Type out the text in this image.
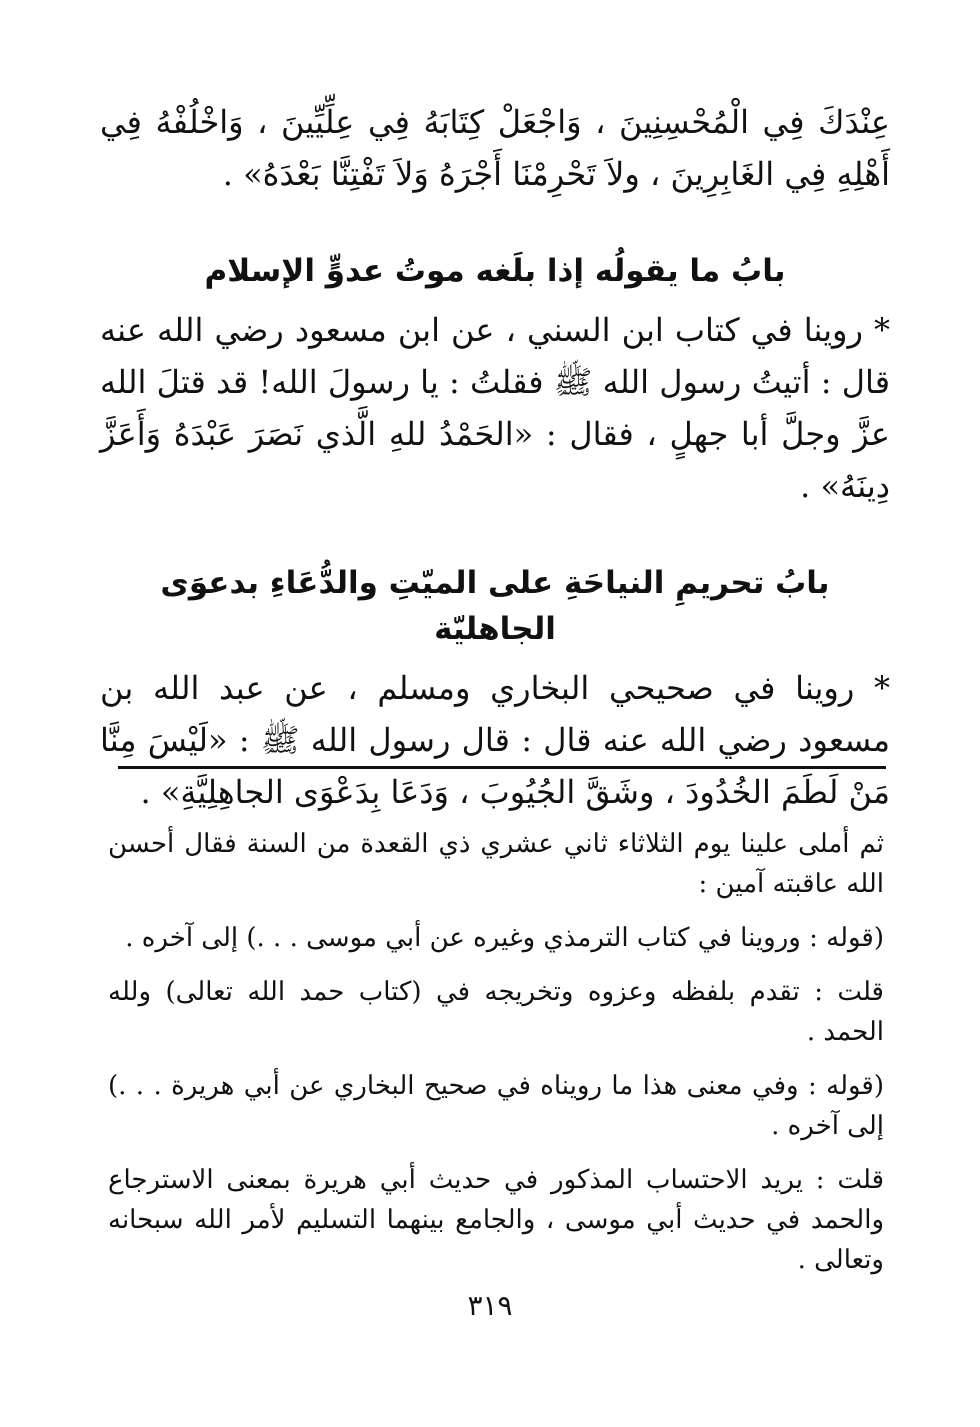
عِنْدَكَ فِي الْمُحْسِنِينَ ، وَاجْعَلْ كِتَابَهُ فِي عِلِّيِّينَ ، وَاخْلُفْهُ فِي أَهْلِهِ فِي الغَابِرِينَ ، ولاَ تَحْرِمْنَا أَجْرَهُ وَلاَ تَفْتِنَّا بَعْدَهُ» .

بابُ ما يقولُه إذا بلَغه موتُ عدوٍّ الإسلام

* روينا في كتاب ابن السني ، عن ابن مسعود رضي الله عنه قال : أتيتُ رسول الله ﷺ فقلتُ : يا رسولَ الله! قد قتلَ الله عزَّ وجلَّ أبا جهلٍ ، فقال : «الحَمْدُ للهِ الَّذي نَصَرَ عَبْدَهُ وَأَعَزَّ دِينَهُ» .

بابُ تحريمِ النياحَةِ على الميّتِ والدُّعَاءِ بدعوَى الجاهليّة

* روينا في صحيحي البخاري ومسلم ، عن عبد الله بن مسعود رضي الله عنه قال : قال رسول الله ﷺ : «لَيْسَ مِنَّا مَنْ لَطَمَ الخُدُودَ ، وشَقَّ الجُيُوبَ ، وَدَعَا بِدَعْوَى الجاهِلِيَّةِ» .

ثم أملى علينا يوم الثلاثاء ثاني عشري ذي القعدة من السنة فقال أحسن الله عاقبته آمين :

(قوله : وروينا في كتاب الترمذي وغيره عن أبي موسى . . .) إلى آخره .

قلت : تقدم بلفظه وعزوه وتخريجه في (كتاب حمد الله تعالى) ولله الحمد .

(قوله : وفي معنى هذا ما رويناه في صحيح البخاري عن أبي هريرة . . .) إلى آخره .

قلت : يريد الاحتساب المذكور في حديث أبي هريرة بمعنى الاسترجاع والحمد في حديث أبي موسى ، والجامع بينهما التسليم لأمر الله سبحانه وتعالى .

٣١٩
